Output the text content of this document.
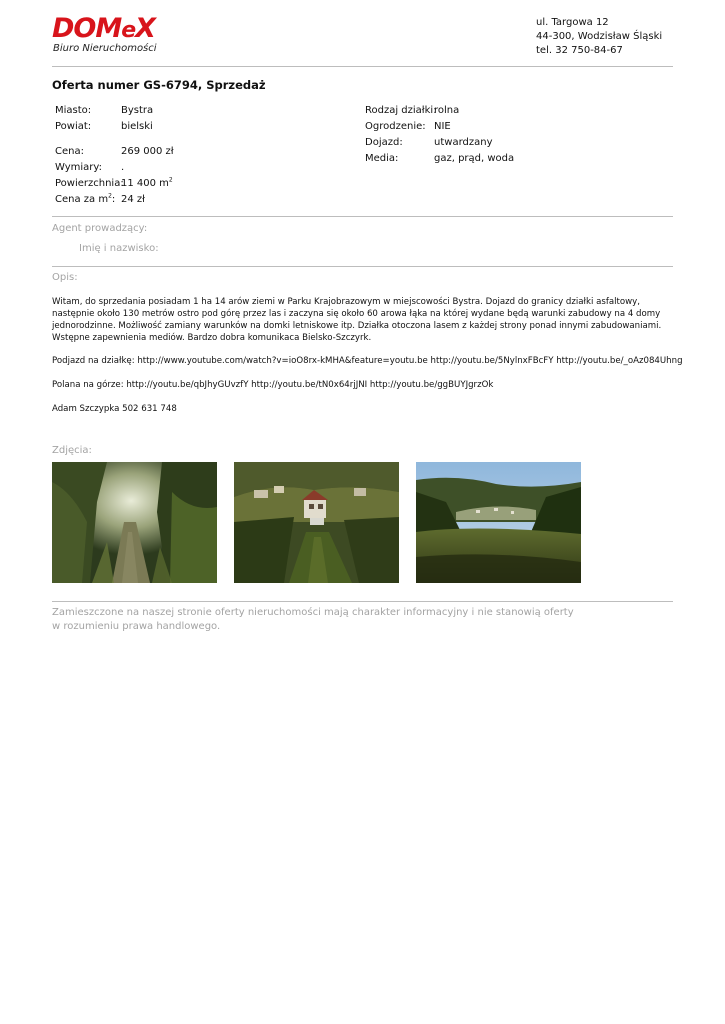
DOMeX
Biuro Nieruchomości
ul. Targowa 12
44-300, Wodzisław Śląski
tel. 32 750-84-67
Oferta numer GS-6794, Sprzedaż
Miasto:	Bystra
Powiat:	bielski
Cena:	269 000 zł
Wymiary: .
Powierzchnia:
11 400 $m^2$
Cena za $m^2$: 24 zł
Rodzaj działki:
rolna
Ogrodzenie: NIE
Dojazd:	utwardzany
Media:	gaz, prąd, woda
Agent prowadzący:
Imię i nazwisko:
Opis:

Witam, do sprzedania posiadam 1 ha 14 arów ziemi w Parku Krajobrazowym w miejscowości Bystra. Dojazd do granicy działki asfaltowy, następnie około 130 metrów ostro pod górę przez las i zaczyna się około 60 arowa łąka na której wydane będą warunki zabudowy na 4 domy jednorodzinne. Możliwość zamiany warunków na domki letniskowe itp. Działka otoczona lasem z każdej strony ponad innymi zabudowaniami. Wstępne zapewnienia mediów. Bardzo dobra komunikaca Bielsko-Szczyrk.

Podjazd na działkę: http://www.youtube.com/watch?v=ioO8rx-kMHA&feature=youtu.be http://youtu.be/5NylnxFBcFY http://youtu.be/_oAz084Uhng
Polana na górze: http://youtu.be/qbJhyGUvzfY http://youtu.be/tN0x64rjJNI http://youtu.be/ggBUYJgrzOk
Adam Szczypka 502 631 748
Zdjęcia:
Zamieszczone na naszej stronie oferty nieruchomości mają charakter informacyjny i nie stanowią oferty
w rozumieniu prawa handlowego.
